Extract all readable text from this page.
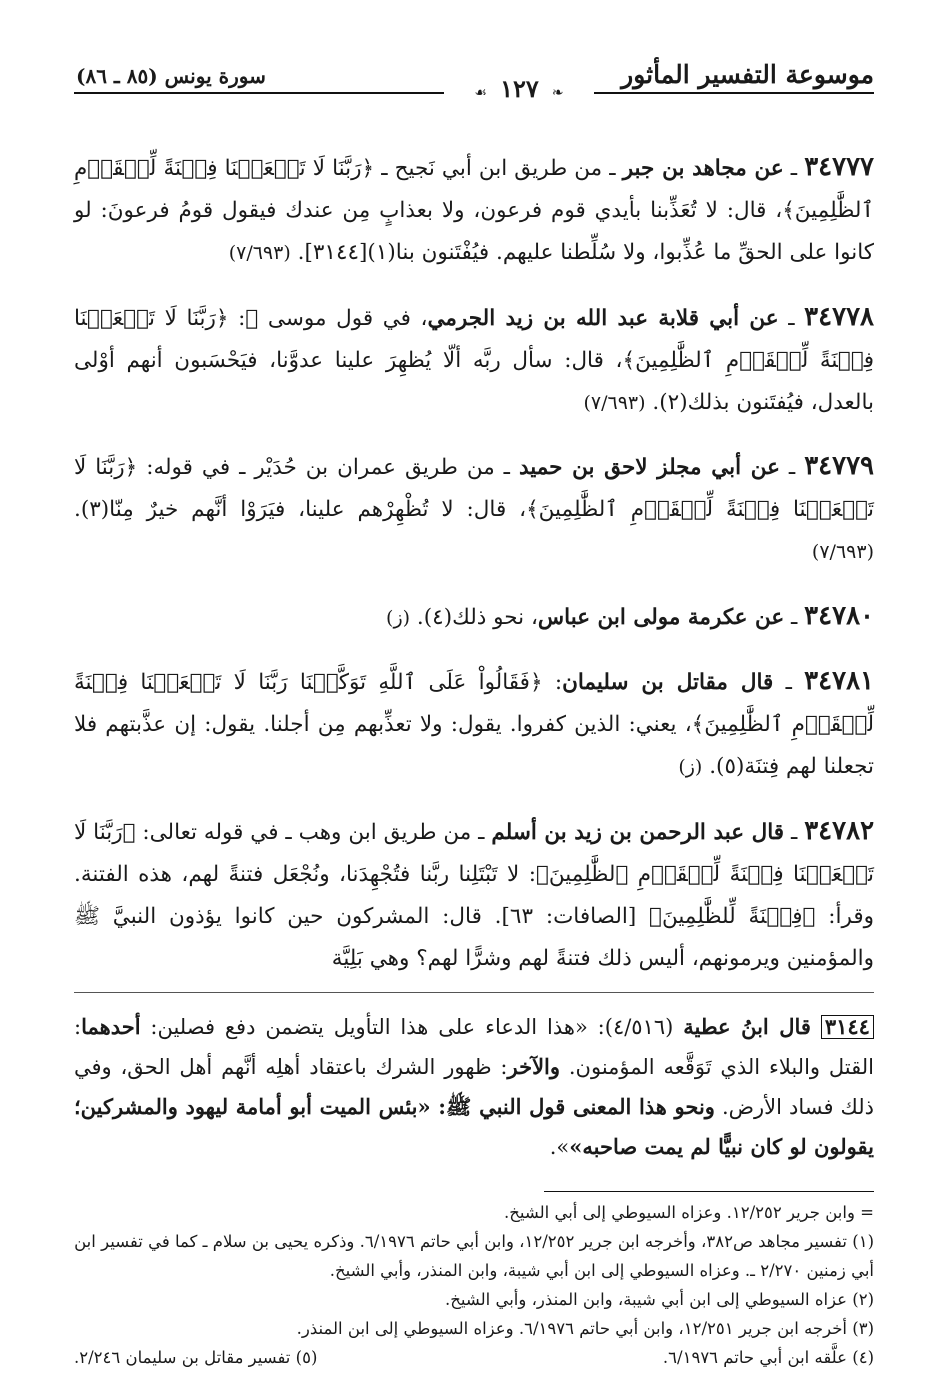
موسوعة التفسير المأثور
❧ ١٢٧ ☙
سورة يونس (٨٥ ـ ٨٦)

٣٤٧٧٧ ـ عن مجاهد بن جبر ـ من طريق ابن أبي نَجيح ـ ﴿رَبَّنَا لَا تَجۡعَلۡنَا فِتۡنَةً لِّلۡقَوۡمِ ٱلظَّٰلِمِينَ﴾، قال: لا تُعَذِّبنا بأيدي قوم فرعون، ولا بعذابٍ مِن عندك فيقول قومُ فرعونَ: لو كانوا على الحقِّ ما عُذِّبوا، ولا سُلِّطنا عليهم. فيُفْتَنون بنا(١)[٣١٤٤]. (٧/٦٩٣)

٣٤٧٧٨ ـ عن أبي قلابة عبد الله بن زيد الجرمي، في قول موسى ﷺ: ﴿رَبَّنَا لَا تَجۡعَلۡنَا فِتۡنَةً لِّلۡقَوۡمِ ٱلظَّٰلِمِينَ﴾، قال: سأل ربَّه ألّا يُظهِرَ علينا عدوَّنا، فيَحْسَبون أنهم أوْلى بالعدل، فيُفتَنون بذلك(٢). (٧/٦٩٣)

٣٤٧٧٩ ـ عن أبي مجلز لاحق بن حميد ـ من طريق عمران بن حُدَيْر ـ في قوله: ﴿رَبَّنَا لَا تَجۡعَلۡنَا فِتۡنَةً لِّلۡقَوۡمِ ٱلظَّٰلِمِينَ﴾، قال: لا تُظْهِرْهم علينا، فيَرَوْا أنَّهم خيرٌ مِنّا(٣). (٧/٦٩٣)

٣٤٧٨٠ ـ عن عكرمة مولى ابن عباس، نحو ذلك(٤). (ز)

٣٤٧٨١ ـ قال مقاتل بن سليمان: ﴿فَقَالُواْ عَلَى ٱللَّهِ تَوَكَّلۡنَا رَبَّنَا لَا تَجۡعَلۡنَا فِتۡنَةً لِّلۡقَوۡمِ ٱلظَّٰلِمِينَ﴾، يعني: الذين كفروا. يقول: ولا تعذِّبهم مِن أجلنا. يقول: إن عذَّبتهم فلا تجعلنا لهم فِتنَة(٥). (ز)

٣٤٧٨٢ ـ قال عبد الرحمن بن زيد بن أسلم ـ من طريق ابن وهب ـ في قوله تعالى: ﴿رَبَّنَا لَا تَجۡعَلۡنَا فِتۡنَةً لِّلۡقَوۡمِ ٱلظَّٰلِمِينَ﴾: لا تَبْتَلِنا ربَّنا فتُجْهِدَنا، ونُجْعَل فتنةً لهم، هذه الفتنة. وقرأ: ﴿فِتۡنَةً لِّلظَّٰلِمِينَ﴾ [الصافات: ٦٣]. قال: المشركون حين كانوا يؤذون النبيَّ ﷺ والمؤمنين ويرمونهم، أليس ذلك فتنةً لهم وشرًّا لهم؟ وهي بَلِيَّة

٣١٤٤ قال ابنُ عطية (٤/٥١٦): «هذا الدعاء على هذا التأويل يتضمن دفع فصلين: أحدهما: القتل والبلاء الذي تَوَقَّعه المؤمنون. والآخر: ظهور الشرك باعتقاد أهلِه أنَّهم أهل الحق، وفي ذلك فساد الأرض. ونحو هذا المعنى قول النبي ﷺ: «بئس الميت أبو أمامة ليهود والمشركين؛ يقولون لو كان نبيًّا لم يمت صاحبه»».

= وابن جرير ١٢/٢٥٢. وعزاه السيوطي إلى أبي الشيخ.
(١) تفسير مجاهد ص٣٨٢، وأخرجه ابن جرير ١٢/٢٥٢، وابن أبي حاتم ٦/١٩٧٦. وذكره يحيى بن سلام ـ كما في تفسير ابن أبي زمنين ٢/٢٧٠ ـ. وعزاه السيوطي إلى ابن أبي شيبة، وابن المنذر، وأبي الشيخ.
(٢) عزاه السيوطي إلى ابن أبي شيبة، وابن المنذر، وأبي الشيخ.
(٣) أخرجه ابن جرير ١٢/٢٥١، وابن أبي حاتم ٦/١٩٧٦. وعزاه السيوطي إلى ابن المنذر.
(٤) علَّقه ابن أبي حاتم ٦/١٩٧٦.
(٥) تفسير مقاتل بن سليمان ٢/٢٤٦.
